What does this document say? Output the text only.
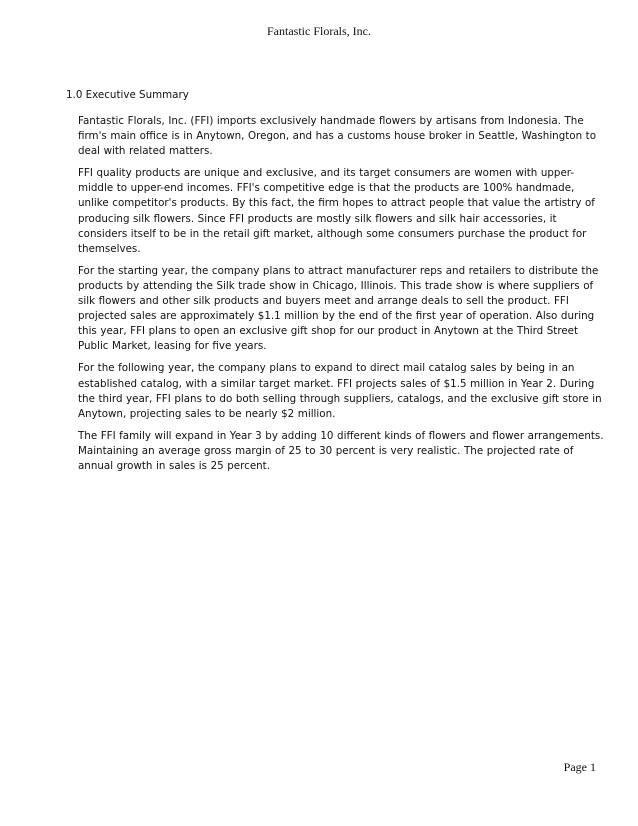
Fantastic Florals, Inc.
1.0 Executive Summary

Fantastic Florals, Inc. (FFI) imports exclusively handmade flowers by artisans from Indonesia. The firm's main office is in Anytown, Oregon, and has a customs house broker in Seattle, Washington to deal with related matters.

FFI quality products are unique and exclusive, and its target consumers are women with upper-middle to upper-end incomes. FFI's competitive edge is that the products are 100% handmade, unlike competitor's products. By this fact, the firm hopes to attract people that value the artistry of producing silk flowers. Since FFI products are mostly silk flowers and silk hair accessories, it considers itself to be in the retail gift market, although some consumers purchase the product for themselves.

For the starting year, the company plans to attract manufacturer reps and retailers to distribute the products by attending the Silk trade show in Chicago, Illinois. This trade show is where suppliers of silk flowers and other silk products and buyers meet and arrange deals to sell the product. FFI projected sales are approximately $1.1 million by the end of the first year of operation. Also during this year, FFI plans to open an exclusive gift shop for our product in Anytown at the Third Street Public Market, leasing for five years.

For the following year, the company plans to expand to direct mail catalog sales by being in an established catalog, with a similar target market. FFI projects sales of $1.5 million in Year 2. During the third year, FFI plans to do both selling through suppliers, catalogs, and the exclusive gift store in Anytown, projecting sales to be nearly $2 million.

The FFI family will expand in Year 3 by adding 10 different kinds of flowers and flower arrangements. Maintaining an average gross margin of 25 to 30 percent is very realistic. The projected rate of annual growth in sales is 25 percent.

Page 1
